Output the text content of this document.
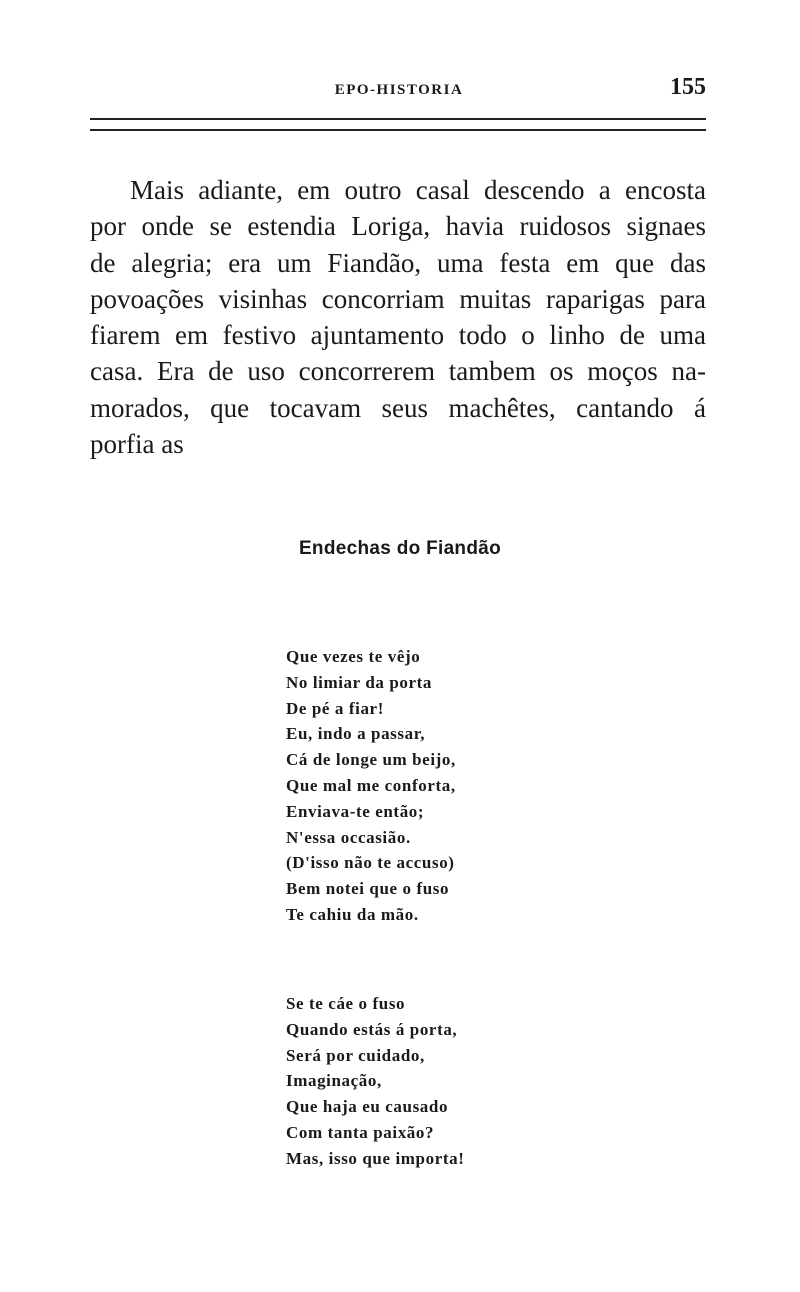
EPO-HISTORIA	155
Mais adiante, em outro casal descendo a encosta
por onde se estendia Loriga, havia ruidosos signaes
de alegria; era um Fiandão, uma festa em que das
povoações visinhas concorriam muitas raparigas para
fiarem em festivo ajuntamento todo o linho de uma
casa. Era de uso concorrerem tambem os moços na-
morados, que tocavam seus machêtes, cantando á
porfia as
Endechas do Fiandão
Que vezes te vêjo
No limiar da porta
De pé a fiar!
Eu, indo a passar,
Cá de longe um beijo,
Que mal me conforta,
Enviava-te então;
N'essa occasião.
(D'isso não te accuso)
Bem notei que o fuso
Te cahiu da mão.
Se te cáe o fuso
Quando estás á porta,
Será por cuidado,
Imaginação,
Que haja eu causado
Com tanta paixão?
Mas, isso que importa!
